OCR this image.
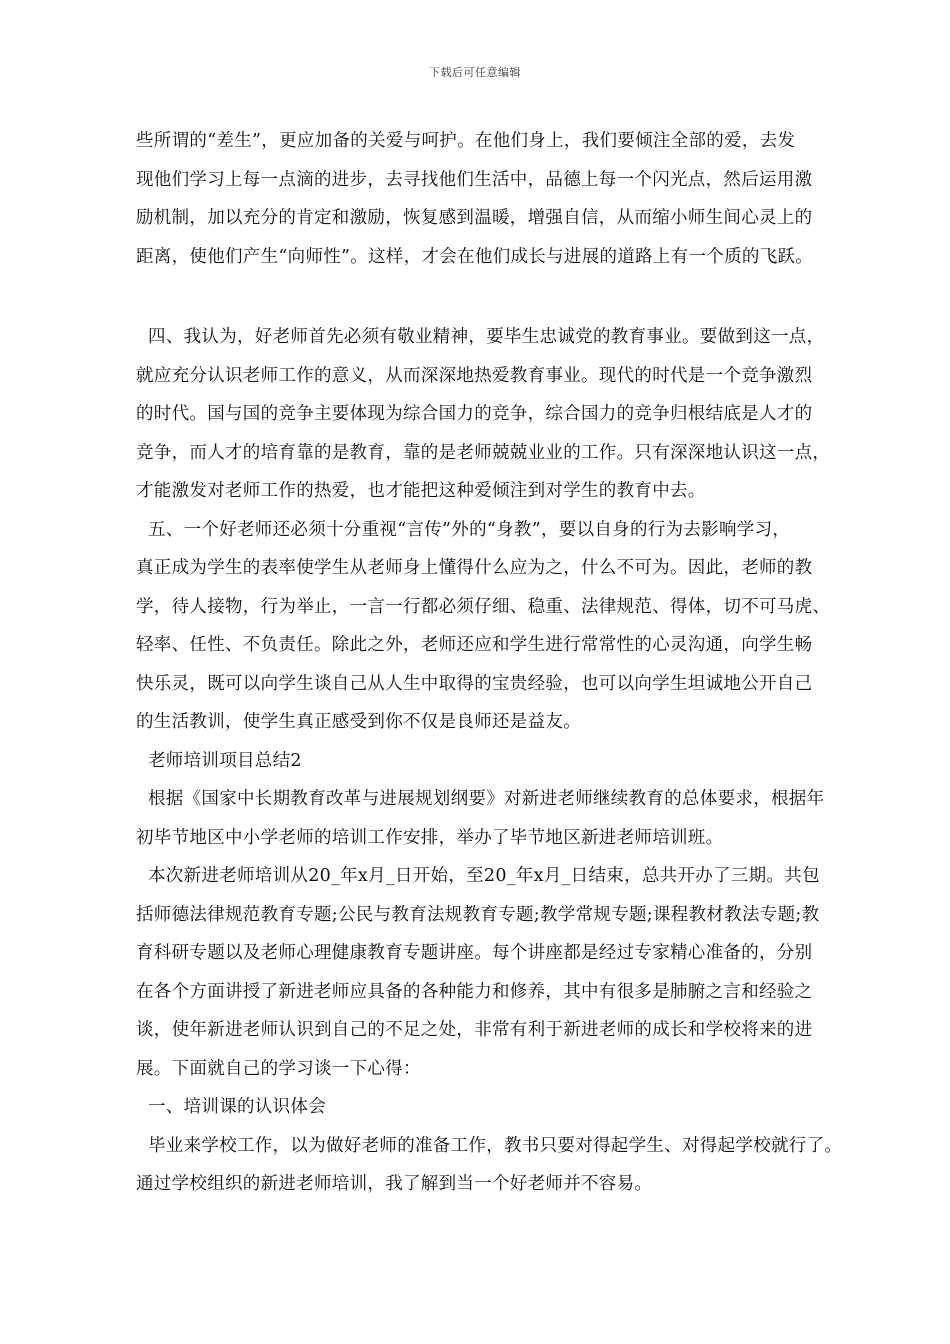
下载后可任意编辑
些所谓的“差生”，更应加备的关爱与呵护。在他们身上，我们要倾注全部的爱，去发
现他们学习上每一点滴的进步，去寻找他们生活中，品德上每一个闪光点，然后运用激
励机制，加以充分的肯定和激励，恢复感到温暖，增强自信，从而缩小师生间心灵上的
距离，使他们产生“向师性”。这样，才会在他们成长与进展的道路上有一个质的飞跃。
四、我认为，好老师首先必须有敬业精神，要毕生忠诚党的教育事业。要做到这一点，
就应充分认识老师工作的意义，从而深深地热爱教育事业。现代的时代是一个竞争激烈
的时代。国与国的竞争主要体现为综合国力的竞争，综合国力的竞争归根结底是人才的
竞争，而人才的培育靠的是教育，靠的是老师兢兢业业的工作。只有深深地认识这一点，
才能激发对老师工作的热爱，也才能把这种爱倾注到对学生的教育中去。
五、一个好老师还必须十分重视“言传”外的“身教”，要以自身的行为去影响学习，
真正成为学生的表率使学生从老师身上懂得什么应为之，什么不可为。因此，老师的教
学，待人接物，行为举止，一言一行都必须仔细、稳重、法律规范、得体，切不可马虎、
轻率、任性、不负责任。除此之外，老师还应和学生进行常常性的心灵沟通，向学生畅
快乐灵，既可以向学生谈自己从人生中取得的宝贵经验，也可以向学生坦诚地公开自己
的生活教训，使学生真正感受到你不仅是良师还是益友。
老师培训项目总结2
根据《国家中长期教育改革与进展规划纲要》对新进老师继续教育的总体要求，根据年
初毕节地区中小学老师的培训工作安排，举办了毕节地区新进老师培训班。
本次新进老师培训从20_年x月_日开始，至20_年x月_日结束，总共开办了三期。共包
括师德法律规范教育专题;公民与教育法规教育专题;教学常规专题;课程教材教法专题;教
育科研专题以及老师心理健康教育专题讲座。每个讲座都是经过专家精心准备的，分别
在各个方面讲授了新进老师应具备的各种能力和修养，其中有很多是肺腑之言和经验之
谈，使年新进老师认识到自己的不足之处，非常有利于新进老师的成长和学校将来的进
展。下面就自己的学习谈一下心得：
一、培训课的认识体会
毕业来学校工作，以为做好老师的准备工作，教书只要对得起学生、对得起学校就行了。
通过学校组织的新进老师培训，我了解到当一个好老师并不容易。
